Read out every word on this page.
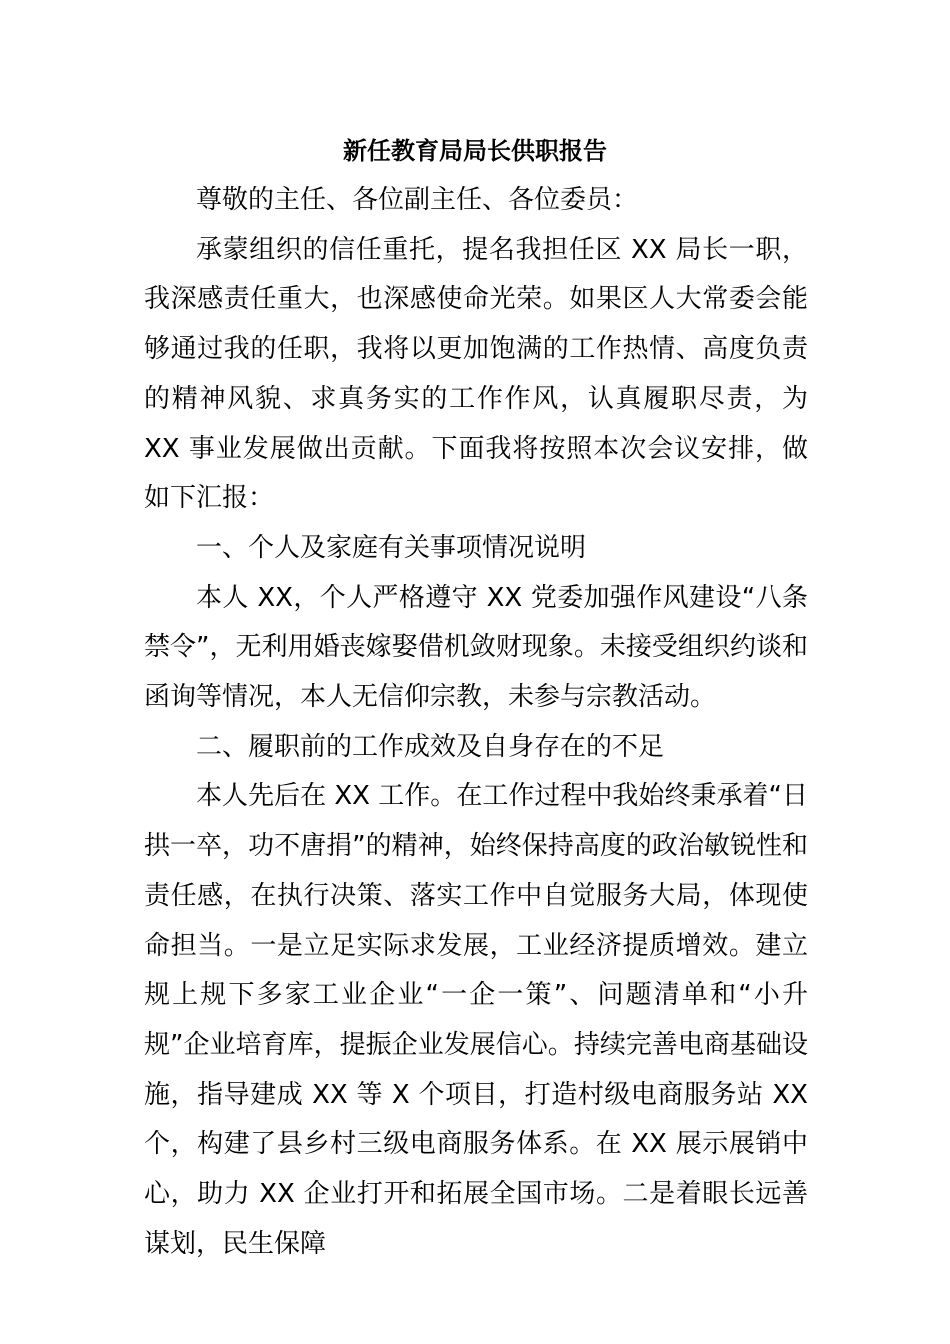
新任教育局局长供职报告

尊敬的主任、各位副主任、各位委员：

承蒙组织的信任重托，提名我担任区 XX 局长一职，我深感责任重大，也深感使命光荣。如果区人大常委会能够通过我的任职，我将以更加饱满的工作热情、高度负责的精神风貌、求真务实的工作作风，认真履职尽责，为 XX 事业发展做出贡献。下面我将按照本次会议安排，做如下汇报：

一、个人及家庭有关事项情况说明

本人 XX，个人严格遵守 XX 党委加强作风建设“八条禁令”，无利用婚丧嫁娶借机敛财现象。未接受组织约谈和函询等情况，本人无信仰宗教，未参与宗教活动。

二、履职前的工作成效及自身存在的不足

本人先后在 XX 工作。在工作过程中我始终秉承着“日拱一卒，功不唐捐”的精神，始终保持高度的政治敏锐性和责任感，在执行决策、落实工作中自觉服务大局，体现使命担当。一是立足实际求发展，工业经济提质增效。建立规上规下多家工业企业“一企一策”、问题清单和“小升规”企业培育库，提振企业发展信心。持续完善电商基础设施，指导建成 XX 等 X 个项目，打造村级电商服务站 XX 个，构建了县乡村三级电商服务体系。在 XX 展示展销中心，助力 XX 企业打开和拓展全国市场。二是着眼长远善谋划，民生保障
